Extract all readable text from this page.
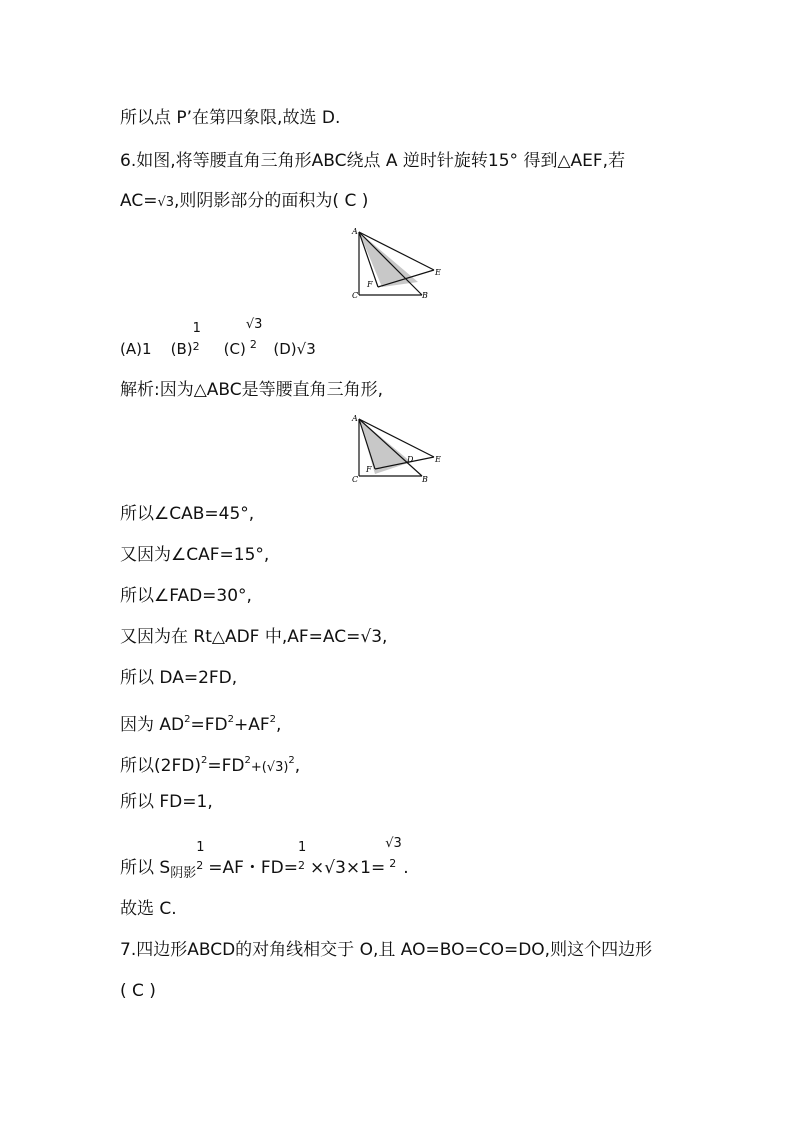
所以点 P’在第四象限,故选 D.
6.如图,将等腰直角三角形ABC绕点 A 逆时针旋转15° 得到△AEF,若
AC=√3,则阴影部分的面积为( C )
A
C
F
B
E
(A)1 (B)
1
2 (C)
√3
2 (D)√3
解析:因为△ABC是等腰直角三角形,
A
C
F
B
D	E
所以∠CAB=45°,
又因为∠CAF=15°,
所以∠FAD=30°,
又因为在 Rt△ADF 中,AF=AC=√3,
所以 DA=2FD,
因为 $AD^2=FD^2+AF^2$,
所以$(2FD)^2=FD^2+(√3)^2$,
所以 FD=1,
所以 $S_{阴影}$
1
2 =AF・FD=
1
2 ×√3×1=
√3
2 .
故选 C.
7.四边形ABCD的对角线相交于 O,且 AO=BO=CO=DO,则这个四边形
( C )
